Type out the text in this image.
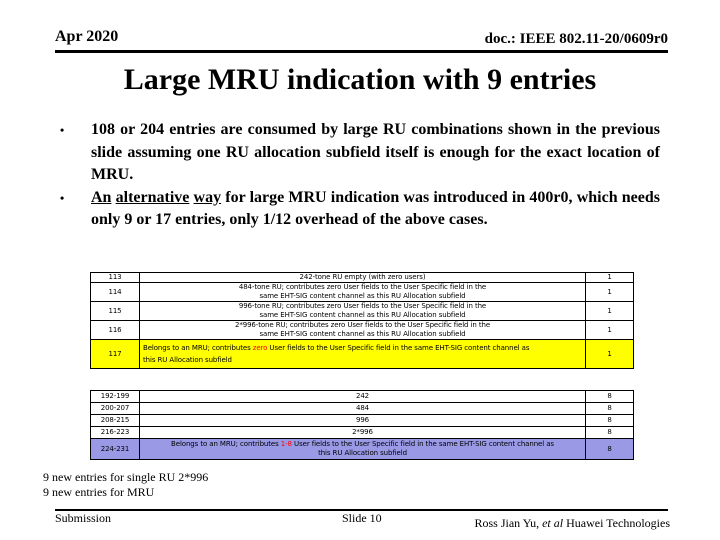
Apr 2020	doc.: IEEE 802.11-20/0609r0
Large MRU indication with 9 entries
• 108 or 204 entries are consumed by large RU combinations shown in the previous slide assuming one RU allocation subfield itself is enough for the exact location of MRU.
• An alternative way for large MRU indication was introduced in 400r0, which needs only 9 or 17 entries, only 1/12 overhead of the above cases.
113	242-tone RU empty (with zero users)	1
114	484-tone RU; contributes zero User fields to the User Specific field in the
same EHT-SIG content channel as this RU Allocation subfield	1
115	996-tone RU; contributes zero User fields to the User Specific field in the
same EHT-SIG content channel as this RU Allocation subfield	1
116	2*996-tone RU; contributes zero User fields to the User Specific field in the
same EHT-SIG content channel as this RU Allocation subfield	1
117	Belongs to an MRU; contributes zero User fields to the User Specific field in the same EHT-SIG content channel as
this RU Allocation subfield	1
192-199	242	8
200-207	484	8
208-215	996	8
216-223	2*996	8
224-231	Belongs to an MRU; contributes 1-8 User fields to the User Specific field in the same EHT-SIG content channel as
this RU Allocation subfield	8
9 new entries for single RU 2*996
9 new entries for MRU
Submission	Slide 10	Ross Jian Yu, et al Huawei Technologies
